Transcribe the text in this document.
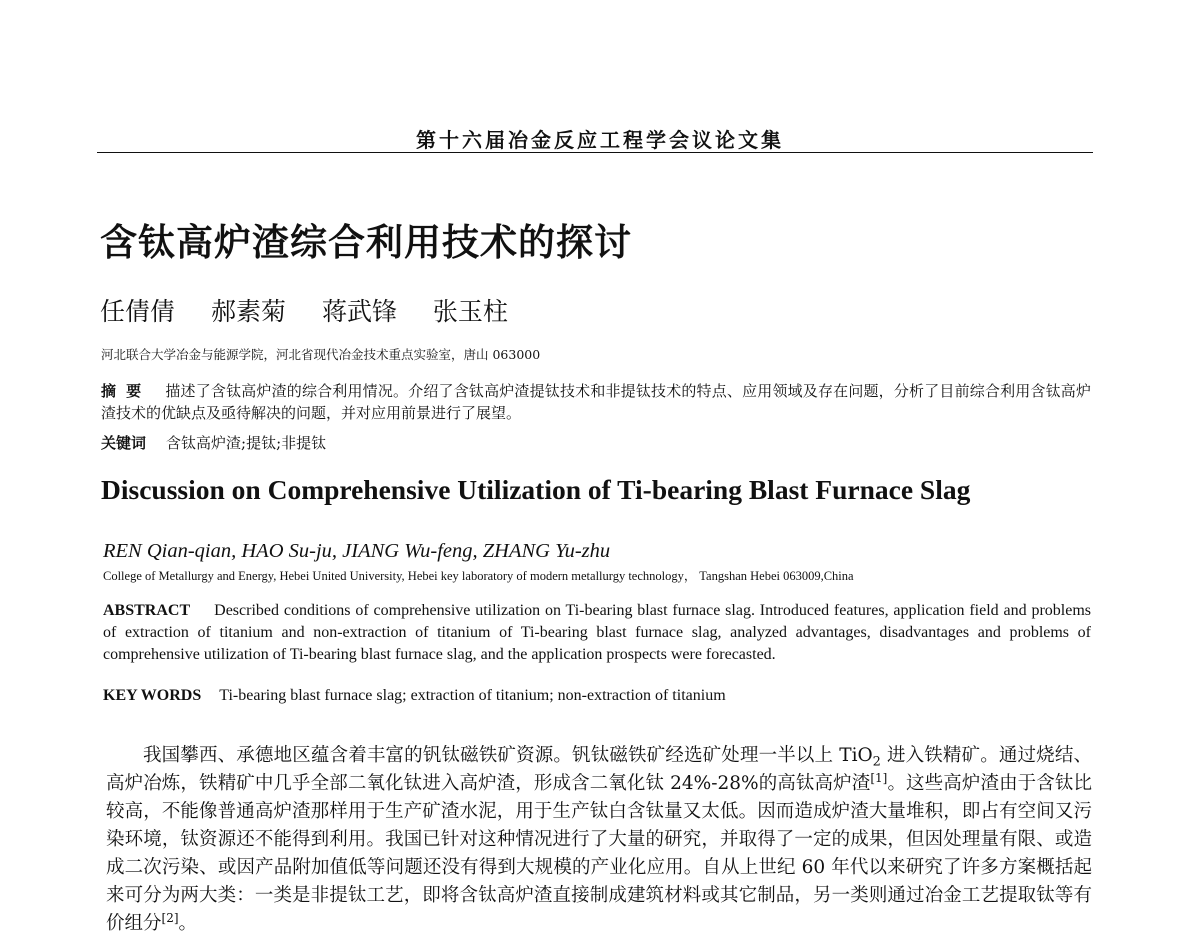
第十六届冶金反应工程学会议论文集
含钛高炉渣综合利用技术的探讨
任倩倩 郝素菊 蒋武锋 张玉柱
河北联合大学冶金与能源学院，河北省现代冶金技术重点实验室，唐山 063000
摘要 描述了含钛高炉渣的综合利用情况。介绍了含钛高炉渣提钛技术和非提钛技术的特点、应用领域及存在问题，分析了目前综合利用含钛高炉渣技术的优缺点及亟待解决的问题，并对应用前景进行了展望。
关键词 含钛高炉渣;提钛;非提钛
Discussion on Comprehensive Utilization of Ti-bearing Blast Furnace Slag
REN Qian-qian, HAO Su-ju, JIANG Wu-feng, ZHANG Yu-zhu
College of Metallurgy and Energy, Hebei United University, Hebei key laboratory of modern metallurgy technology， Tangshan Hebei 063009,China
ABSTRACT Described conditions of comprehensive utilization on Ti-bearing blast furnace slag. Introduced features, application field and problems of extraction of titanium and non-extraction of titanium of Ti-bearing blast furnace slag, analyzed advantages, disadvantages and problems of comprehensive utilization of Ti-bearing blast furnace slag, and the application prospects were forecasted.
KEY WORDS Ti-bearing blast furnace slag; extraction of titanium; non-extraction of titanium
我国攀西、承德地区蕴含着丰富的钒钛磁铁矿资源。钒钛磁铁矿经选矿处理一半以上 TiO$_2$ 进入铁精矿。通过烧结、高炉冶炼，铁精矿中几乎全部二氧化钛进入高炉渣，形成含二氧化钛 24%-28%的高钛高炉渣[1]。这些高炉渣由于含钛比较高，不能像普通高炉渣那样用于生产矿渣水泥，用于生产钛白含钛量又太低。因而造成炉渣大量堆积，即占有空间又污染环境，钛资源还不能得到利用。我国已针对这种情况进行了大量的研究，并取得了一定的成果，但因处理量有限、或造成二次污染、或因产品附加值低等问题还没有得到大规模的产业化应用。自从上世纪 60 年代以来研究了许多方案概括起来可分为两大类：一类是非提钛工艺，即将含钛高炉渣直接制成建筑材料或其它制品，另一类则通过冶金工艺提取钛等有价组分[2]。
